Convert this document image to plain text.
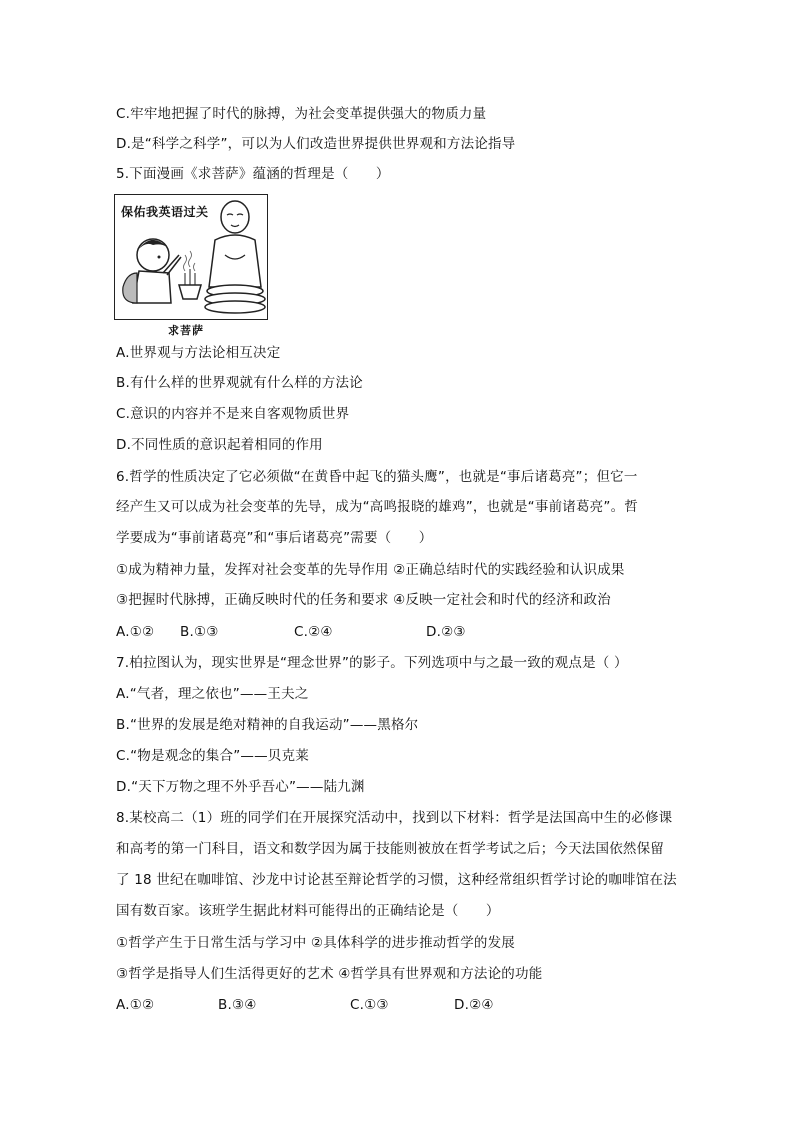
C.牢牢地把握了时代的脉搏，为社会变革提供强大的物质力量
D.是“科学之科学”，可以为人们改造世界提供世界观和方法论指导
5.下面漫画《求菩萨》蕴涵的哲理是（　　）
保佑我英语过关
求菩萨
A.世界观与方法论相互决定
B.有什么样的世界观就有什么样的方法论
C.意识的内容并不是来自客观物质世界
D.不同性质的意识起着相同的作用
6.哲学的性质决定了它必须做“在黄昏中起飞的猫头鹰”，也就是“事后诸葛亮”；但它一
经产生又可以成为社会变革的先导，成为“高鸣报晓的雄鸡”，也就是“事前诸葛亮”。哲
学要成为“事前诸葛亮”和“事后诸葛亮”需要（　　）
①成为精神力量，发挥对社会变革的先导作用 ②正确总结时代的实践经验和认识成果
③把握时代脉搏，正确反映时代的任务和要求 ④反映一定社会和时代的经济和政治
A.①② B.①③	C.②④	D.②③
7.柏拉图认为，现实世界是“理念世界”的影子。下列选项中与之最一致的观点是（ ）
A.“气者，理之依也”——王夫之
B.“世界的发展是绝对精神的自我运动”——黑格尔
C.“物是观念的集合”——贝克莱
D.“天下万物之理不外乎吾心”——陆九渊
8.某校高二（1）班的同学们在开展探究活动中，找到以下材料：哲学是法国高中生的必修课
和高考的第一门科目，语文和数学因为属于技能则被放在哲学考试之后；今天法国依然保留
了 18 世纪在咖啡馆、沙龙中讨论甚至辩论哲学的习惯，这种经常组织哲学讨论的咖啡馆在法
国有数百家。该班学生据此材料可能得出的正确结论是（　　）
①哲学产生于日常生活与学习中 ②具体科学的进步推动哲学的发展
③哲学是指导人们生活得更好的艺术 ④哲学具有世界观和方法论的功能
A.①②	B.③④	C.①③	D.②④
